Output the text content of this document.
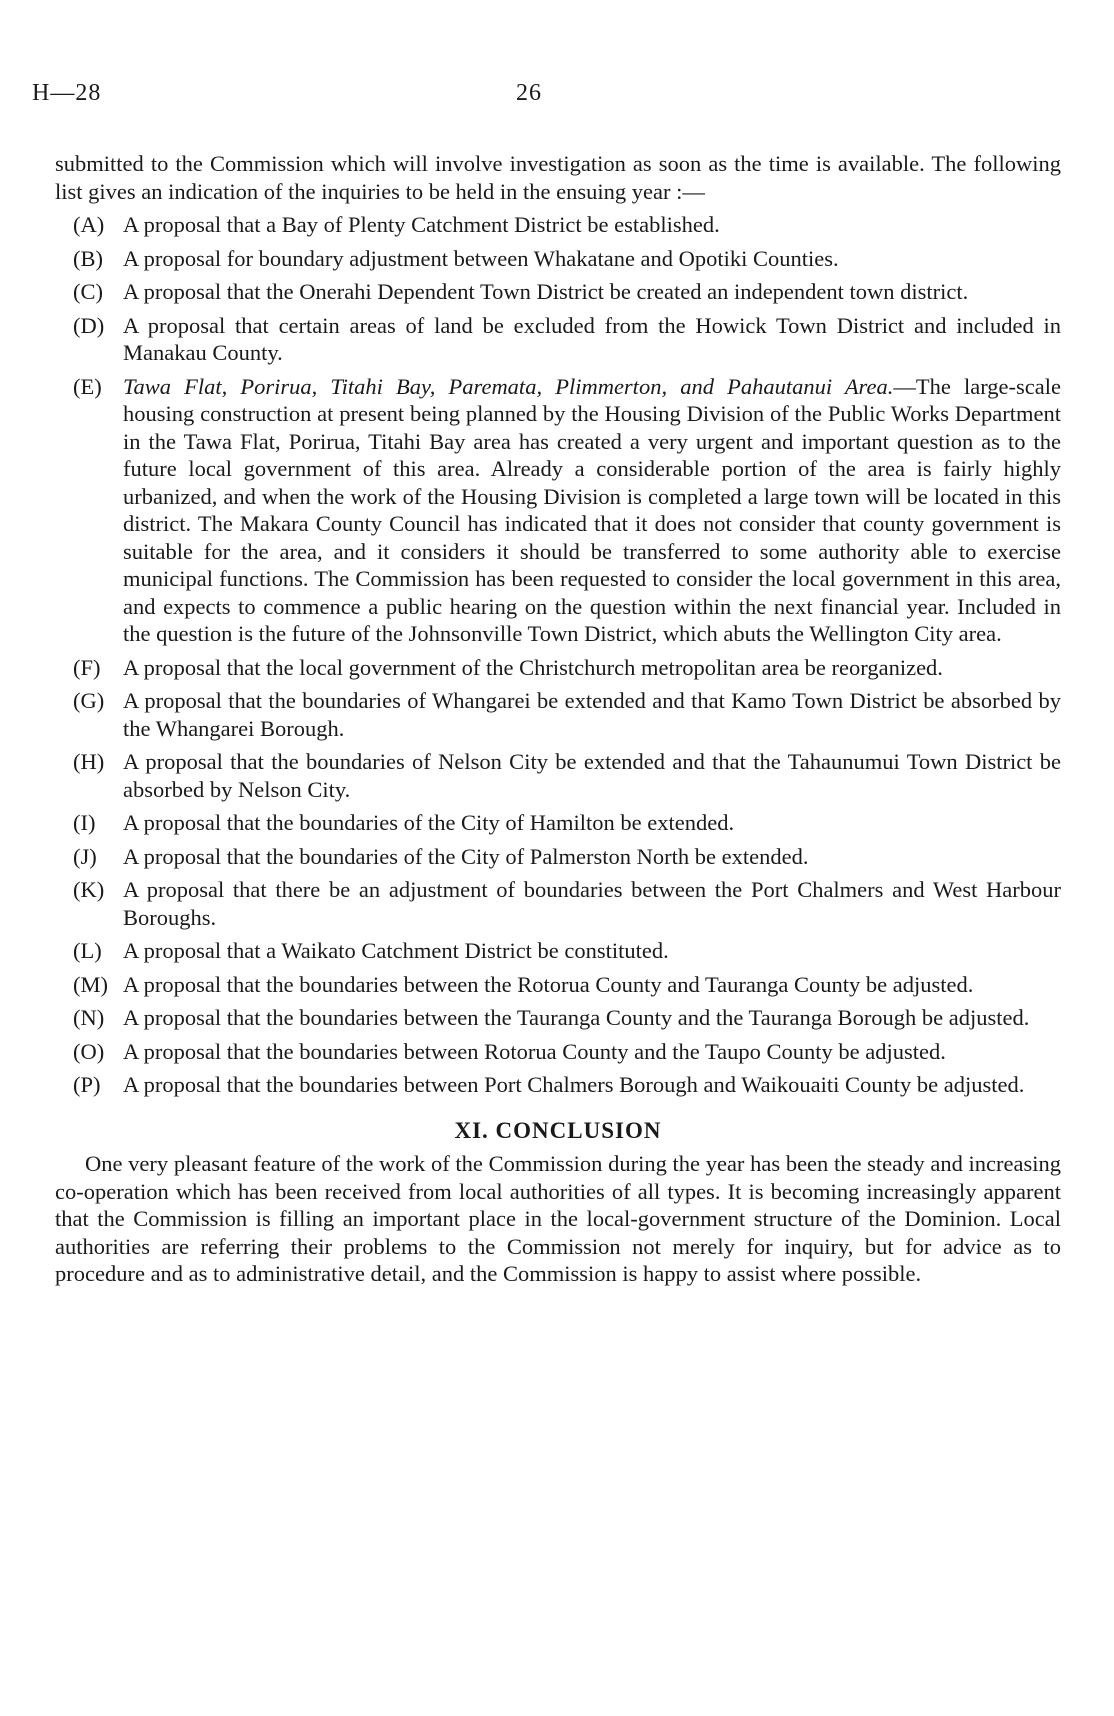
H—28	26

submitted to the Commission which will involve investigation as soon as the time is available. The following list gives an indication of the inquiries to be held in the ensuing year :—

(A) A proposal that a Bay of Plenty Catchment District be established.
(B) A proposal for boundary adjustment between Whakatane and Opotiki Counties.
(C) A proposal that the Onerahi Dependent Town District be created an independent town district.
(D) A proposal that certain areas of land be excluded from the Howick Town District and included in Manakau County.
(E) Tawa Flat, Porirua, Titahi Bay, Paremata, Plimmerton, and Pahautanui Area.—The large-scale housing construction at present being planned by the Housing Division of the Public Works Department in the Tawa Flat, Porirua, Titahi Bay area has created a very urgent and important question as to the future local government of this area. Already a considerable portion of the area is fairly highly urbanized, and when the work of the Housing Division is completed a large town will be located in this district. The Makara County Council has indicated that it does not consider that county government is suitable for the area, and it considers it should be transferred to some authority able to exercise municipal functions. The Commission has been requested to consider the local government in this area, and expects to commence a public hearing on the question within the next financial year. Included in the question is the future of the Johnsonville Town District, which abuts the Wellington City area.
(F)	A proposal that the local government of the Christchurch metropolitan area be reorganized.
(G) A proposal that the boundaries of Whangarei be extended and that Kamo Town District be absorbed by the Whangarei Borough.
(H) A proposal that the boundaries of Nelson City be extended and that the Tahaunumui Town District be absorbed by Nelson City.
(I)	A proposal that the boundaries of the City of Hamilton be extended.
(J)	A proposal that the boundaries of the City of Palmerston North be extended.
(K) A proposal that there be an adjustment of boundaries between the Port Chalmers and West Harbour Boroughs.
(L) A proposal that a Waikato Catchment District be constituted.
(M) A proposal that the boundaries between the Rotorua County and Tauranga County be adjusted.
(N) A proposal that the boundaries between the Tauranga County and the Tauranga Borough be adjusted.
(O) A proposal that the boundaries between Rotorua County and the Taupo County be adjusted.
(P)	A proposal that the boundaries between Port Chalmers Borough and Waikouaiti County be adjusted.
XI. CONCLUSION

One very pleasant feature of the work of the Commission during the year has been the steady and increasing co-operation which has been received from local authorities of all types. It is becoming increasingly apparent that the Commission is filling an important place in the local-government structure of the Dominion. Local authorities are referring their problems to the Commission not merely for inquiry, but for advice as to procedure and as to administrative detail, and the Commission is happy to assist where possible.
